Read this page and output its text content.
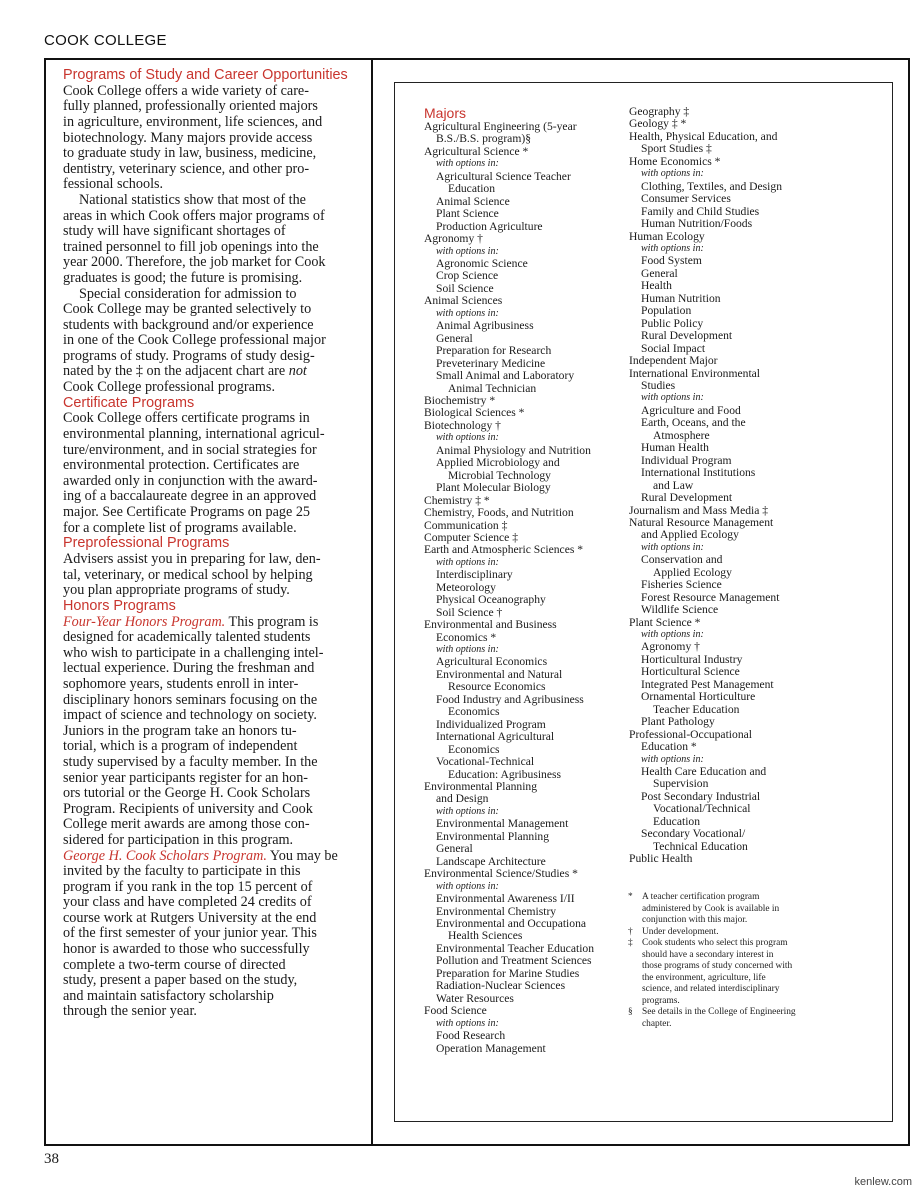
COOK COLLEGE
Programs of Study and Career Opportunities

Cook College offers a wide variety of care-

fully planned, professionally oriented majors

in agriculture, environment, life sciences, and

biotechnology. Many majors provide access

to graduate study in law, business, medicine,

dentistry, veterinary science, and other pro-

fessional schools.

National statistics show that most of the

areas in which Cook offers major programs of

study will have significant shortages of

trained personnel to fill job openings into the

year 2000. Therefore, the job market for Cook

graduates is good; the future is promising.

Special consideration for admission to

Cook College may be granted selectively to

students with background and/or experience

in one of the Cook College professional major

programs of study. Programs of study desig-

nated by the ‡ on the adjacent chart are not

Cook College professional programs.

Certificate Programs

Cook College offers certificate programs in

environmental planning, international agricul-

ture/environment, and in social strategies for

environmental protection. Certificates are

awarded only in conjunction with the award-

ing of a baccalaureate degree in an approved

major. See Certificate Programs on page 25

for a complete list of programs available.

Preprofessional Programs

Advisers assist you in preparing for law, den-

tal, veterinary, or medical school by helping

you plan appropriate programs of study.

Honors Programs

Four-Year Honors Program. This program is

designed for academically talented students

who wish to participate in a challenging intel-

lectual experience. During the freshman and

sophomore years, students enroll in inter-

disciplinary honors seminars focusing on the

impact of science and technology on society.

Juniors in the program take an honors tu-

torial, which is a program of independent

study supervised by a faculty member. In the

senior year participants register for an hon-

ors tutorial or the George H. Cook Scholars

Program. Recipients of university and Cook

College merit awards are among those con-

sidered for participation in this program.

George H. Cook Scholars Program. You may be

invited by the faculty to participate in this

program if you rank in the top 15 percent of

your class and have completed 24 credits of

course work at Rutgers University at the end

of the first semester of your junior year. This

honor is awarded to those who successfully

complete a two-term course of directed

study, present a paper based on the study,

and maintain satisfactory scholarship

through the senior year.

Majors
Agricultural Engineering (5-year
B.S./B.S. program)§
Agricultural Science *
with options in:
Agricultural Science Teacher
Education
Animal Science
Plant Science
Production Agriculture
Agronomy †
with options in:
Agronomic Science
Crop Science
Soil Science
Animal Sciences
with options in:
Animal Agribusiness
General
Preparation for Research
Preveterinary Medicine
Small Animal and Laboratory
Animal Technician
Biochemistry *
Biological Sciences *
Biotechnology †
with options in:
Animal Physiology and Nutrition
Applied Microbiology and
Microbial Technology
Plant Molecular Biology
Chemistry ‡ *
Chemistry, Foods, and Nutrition
Communication ‡
Computer Science ‡
Earth and Atmospheric Sciences *
with options in:
Interdisciplinary
Meteorology
Physical Oceanography
Soil Science †
Environmental and Business
Economics *
with options in:
Agricultural Economics
Environmental and Natural
Resource Economics
Food Industry and Agribusiness
Economics
Individualized Program
International Agricultural
Economics
Vocational-Technical
Education: Agribusiness
Environmental Planning
and Design
with options in:
Environmental Management
Environmental Planning
General
Landscape Architecture
Environmental Science/Studies *
with options in:
Environmental Awareness I/II
Environmental Chemistry
Environmental and Occupationa
Health Sciences
Environmental Teacher Education
Pollution and Treatment Sciences
Preparation for Marine Studies
Radiation-Nuclear Sciences
Water Resources
Food Science
with options in:
Food Research
Operation Management
Geography ‡
Geology ‡ *
Health, Physical Education, and
Sport Studies ‡
Home Economics *
with options in:
Clothing, Textiles, and Design
Consumer Services
Family and Child Studies
Human Nutrition/Foods
Human Ecology
with options in:
Food System
General
Health
Human Nutrition
Population
Public Policy
Rural Development
Social Impact
Independent Major
International Environmental
Studies
with options in:
Agriculture and Food
Earth, Oceans, and the
Atmosphere
Human Health
Individual Program
International Institutions
and Law
Rural Development
Journalism and Mass Media ‡
Natural Resource Management
and Applied Ecology
with options in:
Conservation and
Applied Ecology
Fisheries Science
Forest Resource Management
Wildlife Science
Plant Science *
with options in:
Agronomy †
Horticultural Industry
Horticultural Science
Integrated Pest Management
Ornamental Horticulture
Teacher Education
Plant Pathology
Professional-Occupational
Education *
with options in:
Health Care Education and
Supervision
Post Secondary Industrial
Vocational/Technical
Education
Secondary Vocational/
Technical Education
Public Health
* A teacher certification program
administered by Cook is available in
conjunction with this major.
† Under development.
‡ Cook students who select this program
should have a secondary interest in
those programs of study concerned with
the environment, agriculture, life
science, and related interdisciplinary
programs.
§ See details in the College of Engineering
chapter.
38
kenlew.com
